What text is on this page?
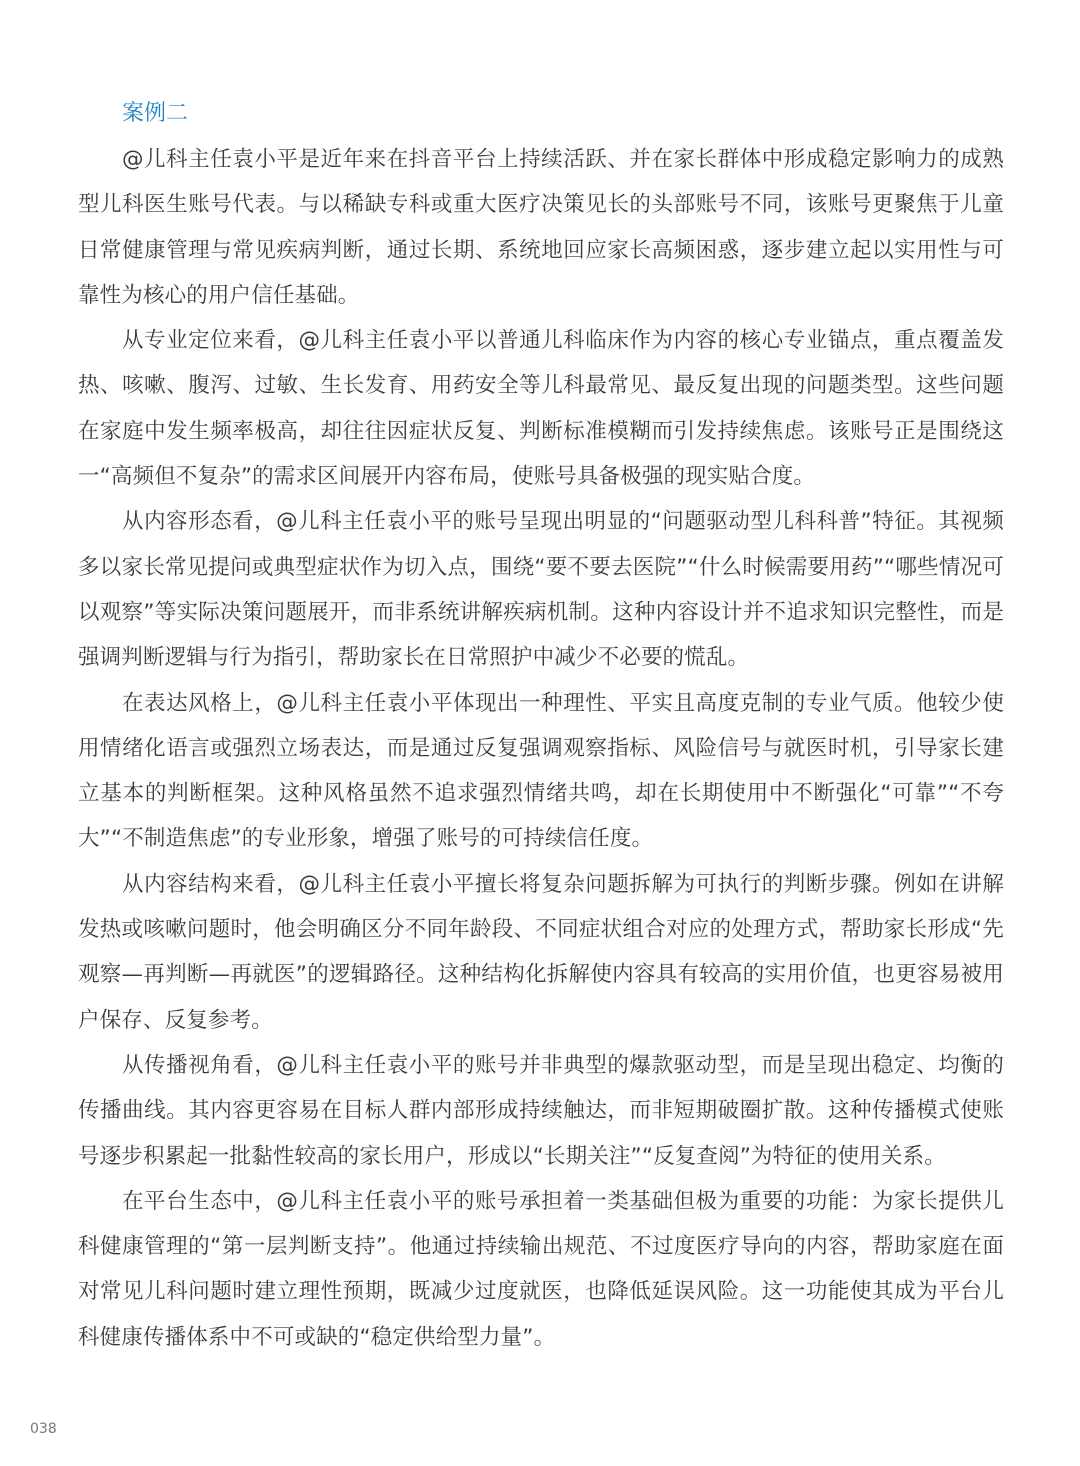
案例二

@儿科主任袁小平是近年来在抖音平台上持续活跃、并在家长群体中形成稳定影响力的成熟型儿科医生账号代表。与以稀缺专科或重大医疗决策见长的头部账号不同，该账号更聚焦于儿童日常健康管理与常见疾病判断，通过长期、系统地回应家长高频困惑，逐步建立起以实用性与可靠性为核心的用户信任基础。

从专业定位来看，@儿科主任袁小平以普通儿科临床作为内容的核心专业锚点，重点覆盖发热、咳嗽、腹泻、过敏、生长发育、用药安全等儿科最常见、最反复出现的问题类型。这些问题在家庭中发生频率极高，却往往因症状反复、判断标准模糊而引发持续焦虑。该账号正是围绕这一“高频但不复杂”的需求区间展开内容布局，使账号具备极强的现实贴合度。

从内容形态看，@儿科主任袁小平的账号呈现出明显的“问题驱动型儿科科普”特征。其视频多以家长常见提问或典型症状作为切入点，围绕“要不要去医院”“什么时候需要用药”“哪些情况可以观察”等实际决策问题展开，而非系统讲解疾病机制。这种内容设计并不追求知识完整性，而是强调判断逻辑与行为指引，帮助家长在日常照护中减少不必要的慌乱。

在表达风格上，@儿科主任袁小平体现出一种理性、平实且高度克制的专业气质。他较少使用情绪化语言或强烈立场表达，而是通过反复强调观察指标、风险信号与就医时机，引导家长建立基本的判断框架。这种风格虽然不追求强烈情绪共鸣，却在长期使用中不断强化“可靠”“不夸大”“不制造焦虑”的专业形象，增强了账号的可持续信任度。

从内容结构来看，@儿科主任袁小平擅长将复杂问题拆解为可执行的判断步骤。例如在讲解发热或咳嗽问题时，他会明确区分不同年龄段、不同症状组合对应的处理方式，帮助家长形成“先观察—再判断—再就医”的逻辑路径。这种结构化拆解使内容具有较高的实用价值，也更容易被用户保存、反复参考。

从传播视角看，@儿科主任袁小平的账号并非典型的爆款驱动型，而是呈现出稳定、均衡的传播曲线。其内容更容易在目标人群内部形成持续触达，而非短期破圈扩散。这种传播模式使账号逐步积累起一批黏性较高的家长用户，形成以“长期关注”“反复查阅”为特征的使用关系。

在平台生态中，@儿科主任袁小平的账号承担着一类基础但极为重要的功能：为家长提供儿科健康管理的“第一层判断支持”。他通过持续输出规范、不过度医疗导向的内容，帮助家庭在面对常见儿科问题时建立理性预期，既减少过度就医，也降低延误风险。这一功能使其成为平台儿科健康传播体系中不可或缺的“稳定供给型力量”。

038
